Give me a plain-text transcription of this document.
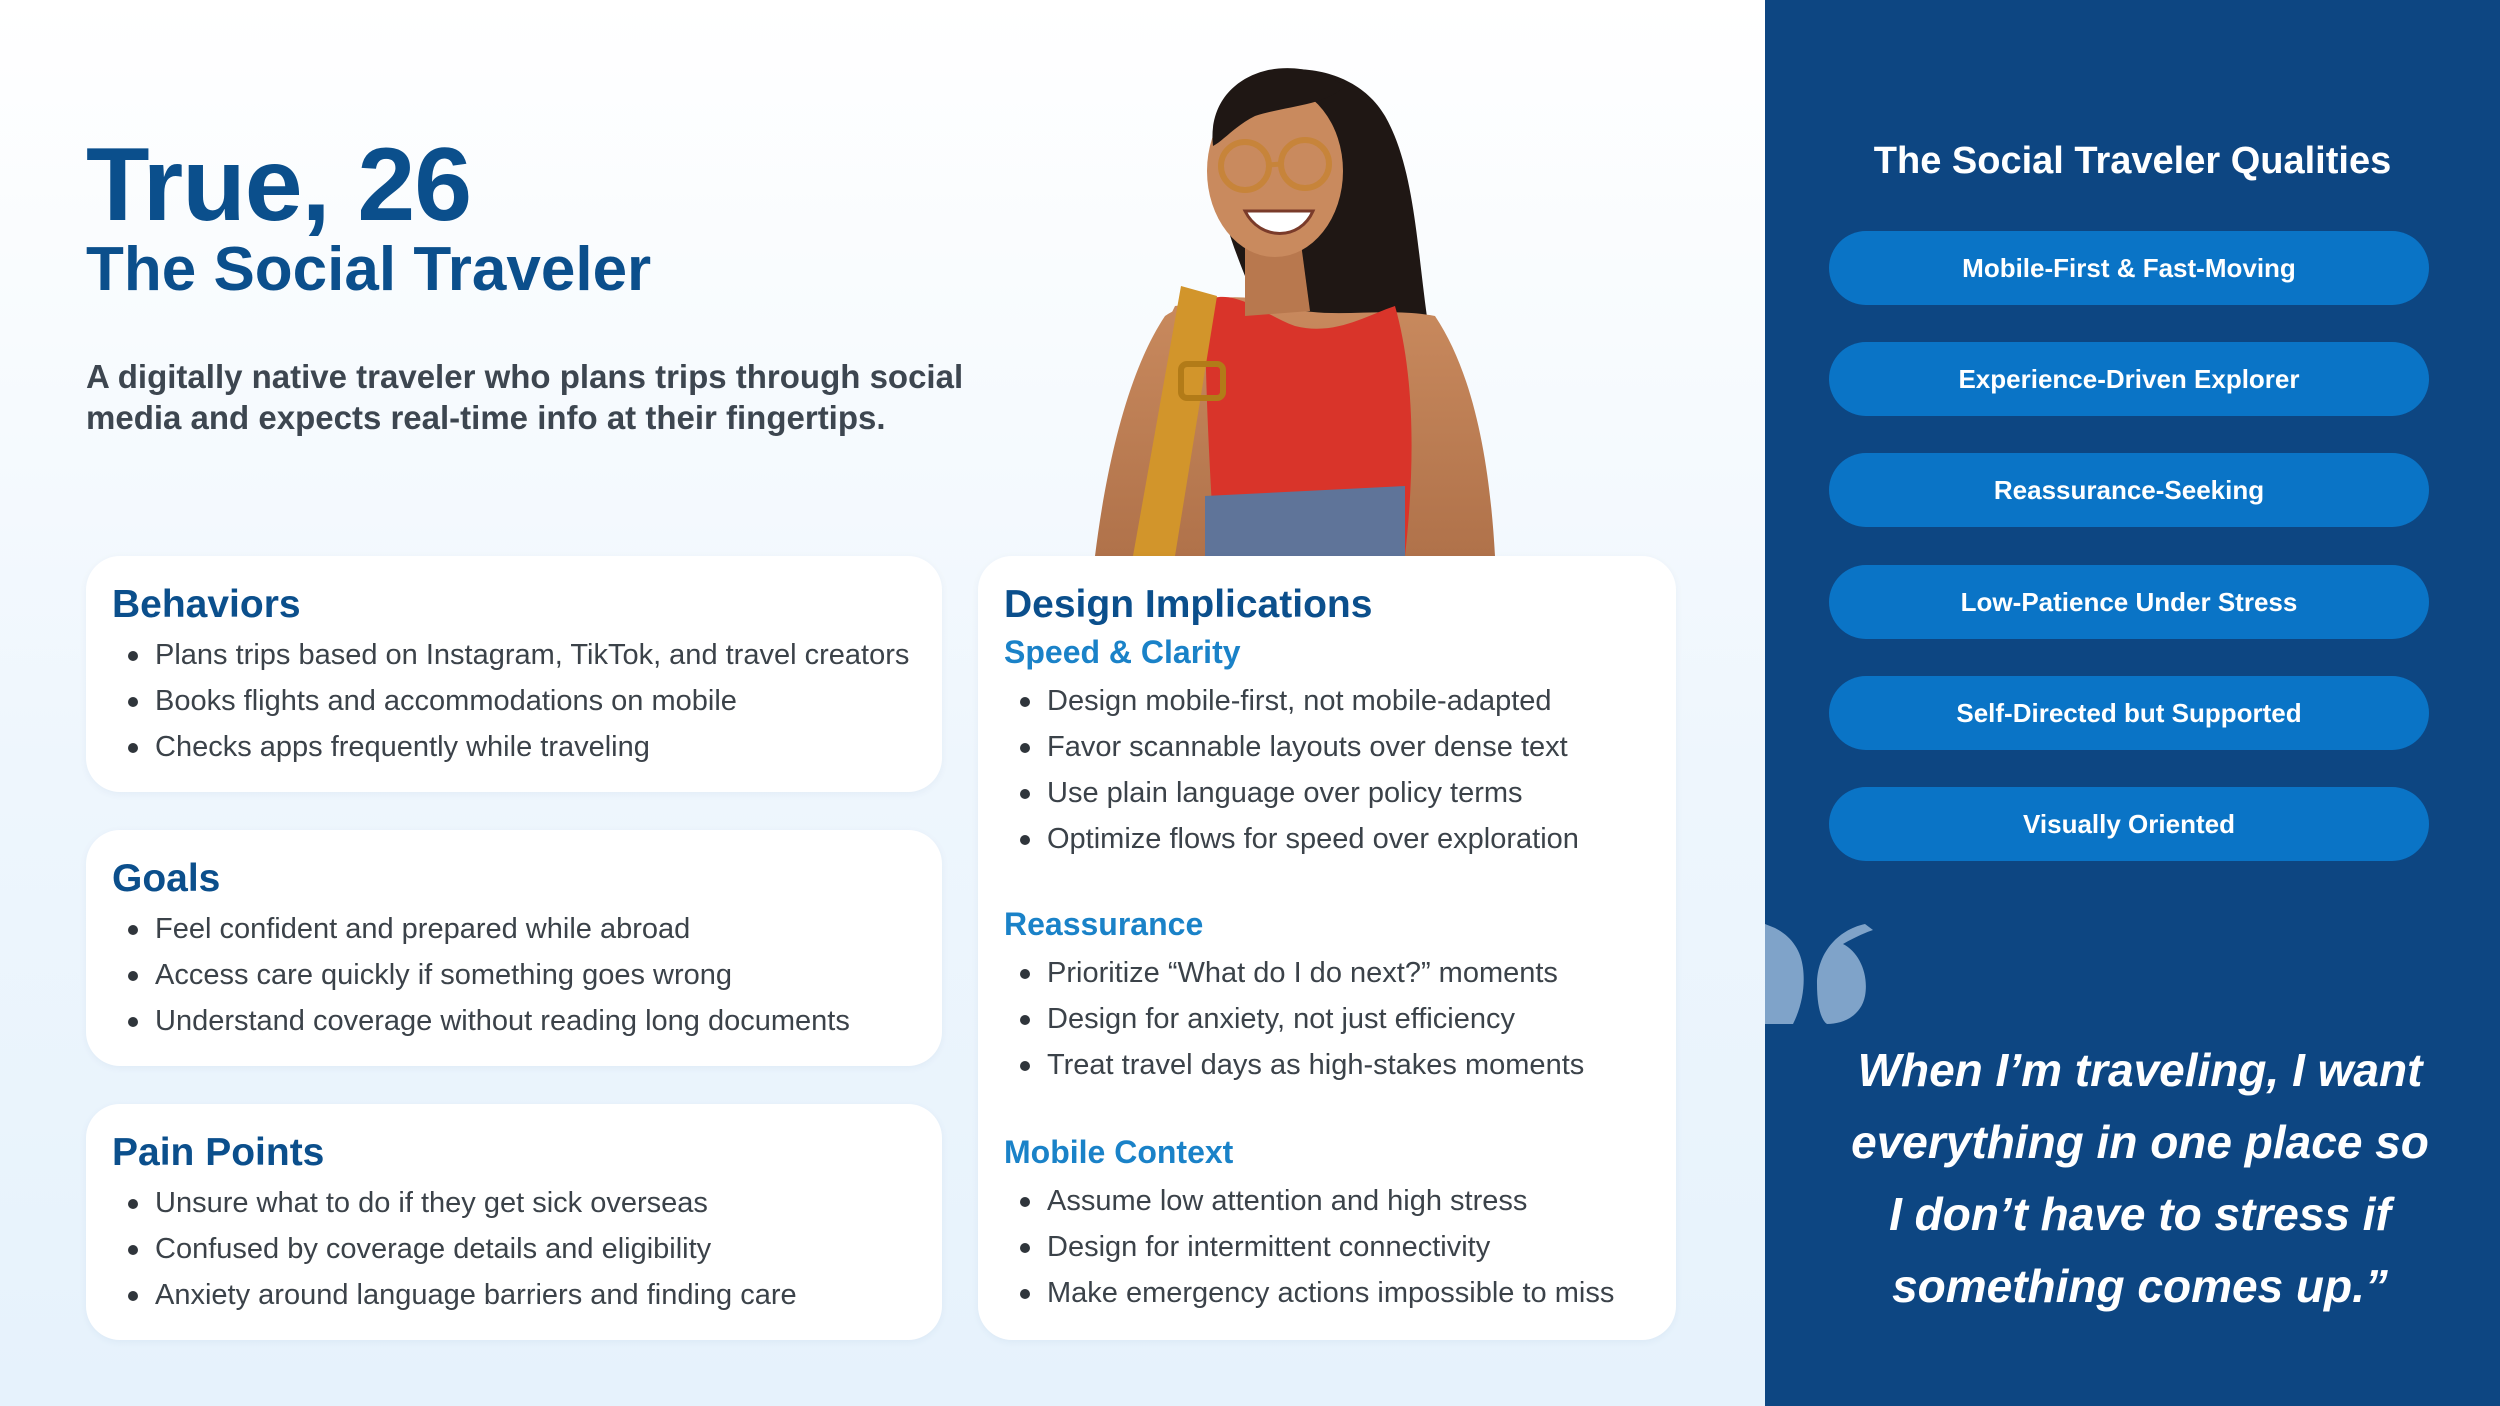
True, 26
The Social Traveler

A digitally native traveler who plans trips through social media and expects real-time info at their fingertips.

Behaviors
Plans trips based on Instagram, TikTok, and travel creators
Books flights and accommodations on mobile
Checks apps frequently while traveling
Goals
Feel confident and prepared while abroad
Access care quickly if something goes wrong
Understand coverage without reading long documents
Pain Points
Unsure what to do if they get sick overseas
Confused by coverage details and eligibility
Anxiety around language barriers and finding care
Design Implications
Speed & Clarity
Design mobile-first, not mobile-adapted
Favor scannable layouts over dense text
Use plain language over policy terms
Optimize flows for speed over exploration
Reassurance
Prioritize “What do I do next?” moments
Design for anxiety, not just efficiency
Treat travel days as high-stakes moments
Mobile Context
Assume low attention and high stress
Design for intermittent connectivity
Make emergency actions impossible to miss
The Social Traveler Qualities
Mobile-First & Fast-Moving
Experience-Driven Explorer
Reassurance-Seeking
Low-Patience Under Stress
Self-Directed but Supported
Visually Oriented

When I’m traveling, I want
everything in one place so
I don’t have to stress if
something comes up.”
